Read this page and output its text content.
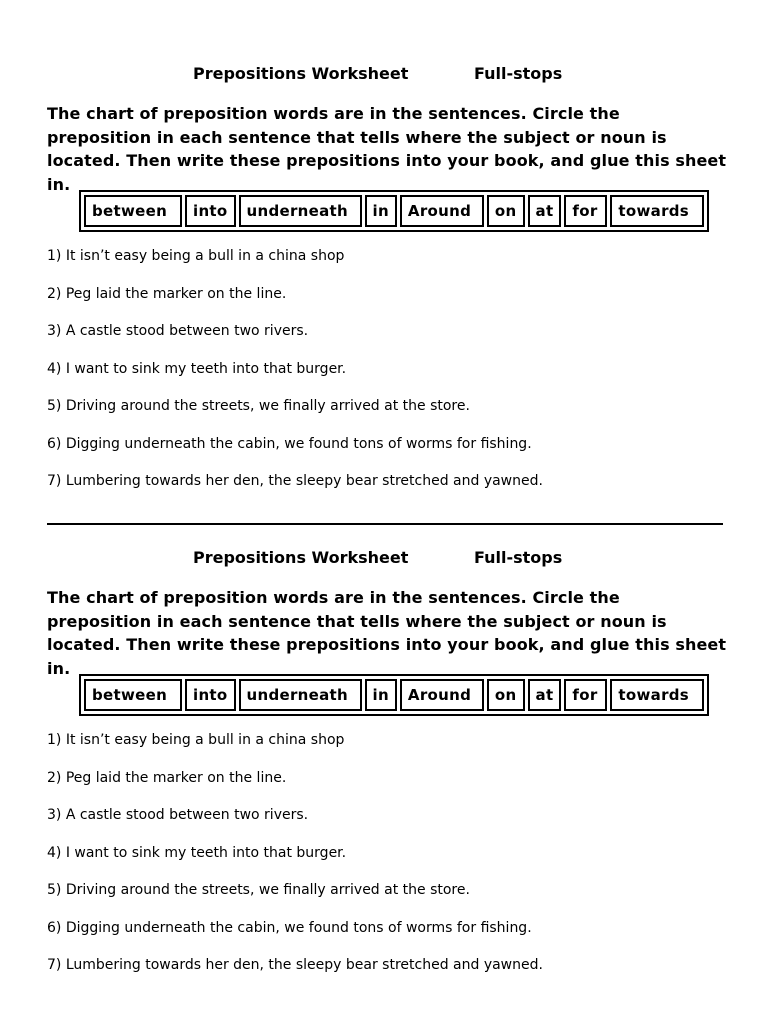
Prepositions Worksheet	Full-stops
The chart of preposition words are in the sentences. Circle the preposition in each sentence that tells where the subject or noun is located. Then write these prepositions into your book, and glue this sheet in.
between	into	underneath	in	Around	on	at	for	towards
1) It isn’t easy being a bull in a china shop
2) Peg laid the marker on the line.
3) A castle stood between two rivers.
4) I want to sink my teeth into that burger.
5) Driving around the streets, we finally arrived at the store.
6) Digging underneath the cabin, we found tons of worms for fishing.
7) Lumbering towards her den, the sleepy bear stretched and yawned.
Prepositions Worksheet	Full-stops
The chart of preposition words are in the sentences. Circle the preposition in each sentence that tells where the subject or noun is located. Then write these prepositions into your book, and glue this sheet in.
between	into	underneath	in	Around	on	at	for	towards
1) It isn’t easy being a bull in a china shop
2) Peg laid the marker on the line.
3) A castle stood between two rivers.
4) I want to sink my teeth into that burger.
5) Driving around the streets, we finally arrived at the store.
6) Digging underneath the cabin, we found tons of worms for fishing.
7) Lumbering towards her den, the sleepy bear stretched and yawned.
